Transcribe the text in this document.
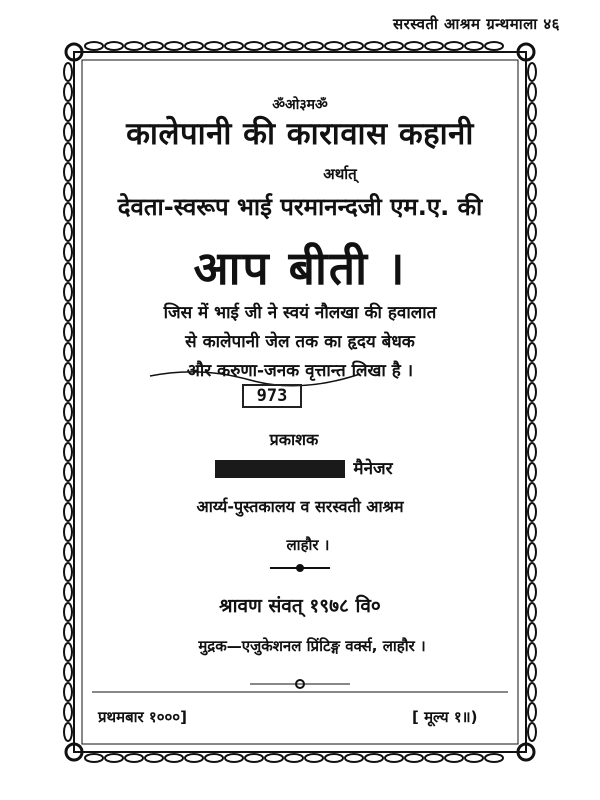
सरस्वती आश्रम ग्रन्थमाला ४६
ॐओ३मॐ
कालेपानी की कारावास कहानी
अर्थात्
देवता-स्वरूप भाई परमानन्दजी एम.ए. की
आप बीती ।
जिस में भाई जी ने स्वयं नौलखा की हवालात
से कालेपानी जेल तक का हृदय बेधक
और करुणा-जनक वृत्तान्त लिखा है ।
973
प्रकाशक
मैनेजर
आर्य्य-पुस्तकालय व सरस्वती आश्रम
लाहौर ।
श्रावण संवत् १९७८ वि०
मुद्रक—एजुकेशनल प्रिंटिङ्ग वर्क्स, लाहौर ।
प्रथमबार १०००]	[ मूल्य १॥)
